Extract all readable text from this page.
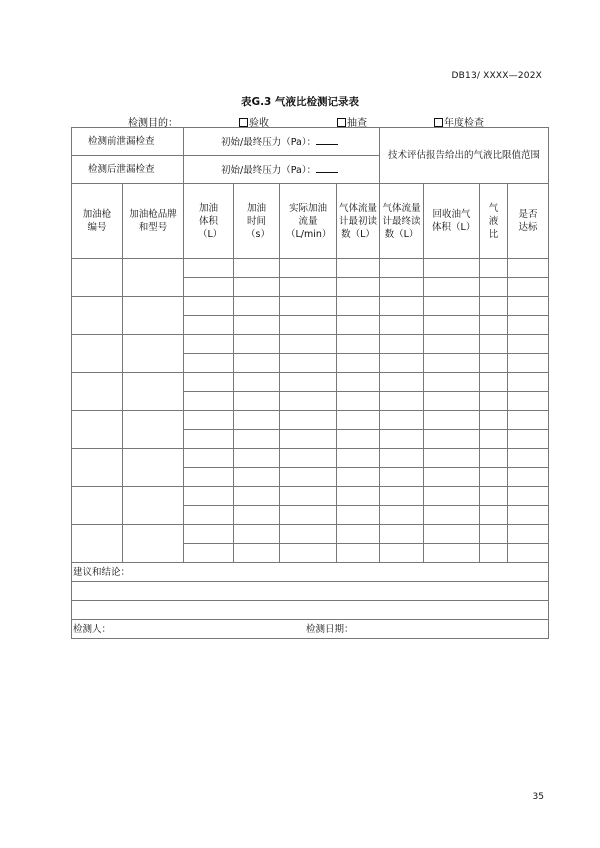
DB13/ XXXX—202X
表G.3 气液比检测记录表
检测目的：	验收	抽查	年度检查
检测前泄漏检查		初始/最终压力（Pa）：				技术评估报告给出的气液比限值范围			
检测后泄漏检查		初始/最终压力（Pa）：							
加油枪编号	加油枪品牌和型号	加油体积（L）	加油时间（s）	实际加油流量（L/min）	气体流量计最初读数（L）	气体流量计最终读数（L）	回收油气体积（L）	气液比	是否达标

建议和结论：									

检测人： 检测日期：									
35
